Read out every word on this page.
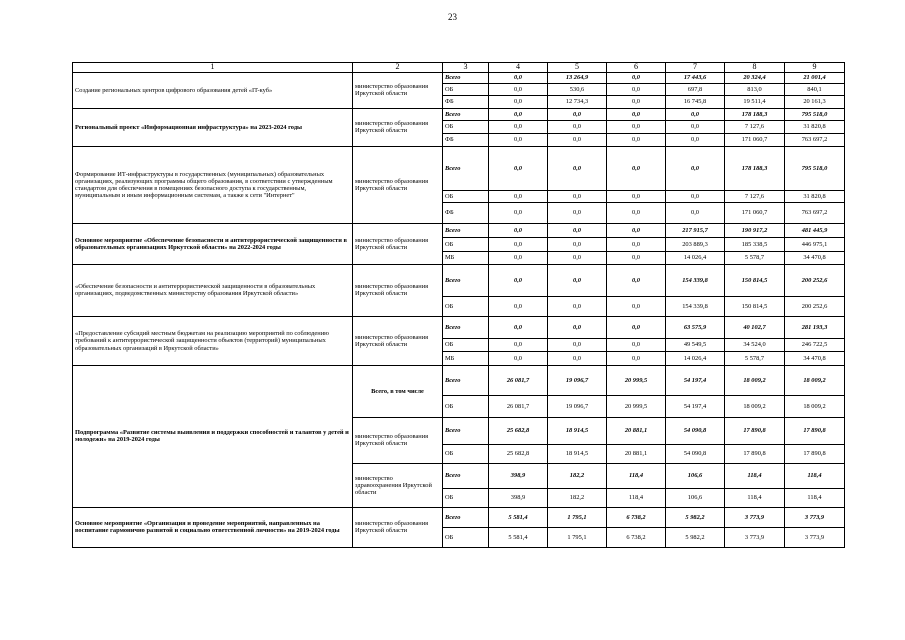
23
1	2	3	4	5	6	7	8	9
Создание региональных центров цифрового образования детей «IT-куб»	министерство образования Иркутской области	Всего	0,0	13 264,9	0,0	17 443,6	20 324,4	21 001,4
		ОБ	0,0	530,6	0,0	697,8	813,0	840,1
		ФБ	0,0	12 734,3	0,0	16 745,8	19 511,4	20 161,3
Региональный проект «Информационная инфраструктура» на 2023-2024 годы	министерство образования Иркутской области	Всего	0,0	0,0	0,0	0,0	178 188,3	795 518,0
		ОБ	0,0	0,0	0,0	0,0	7 127,6	31 820,8
		ФБ	0,0	0,0	0,0	0,0	171 060,7	763 697,2
Формирование ИТ-инфраструктуры в государственных (муниципальных) образовательных организациях, реализующих программы общего образования, в соответствии с утвержденным стандартом для обеспечения в помещениях безопасного доступа к государственным, муниципальным и иным информационным системам, а также к сети "Интернет"	министерство образования Иркутской области	Всего	0,0	0,0	0,0	0,0	178 188,3	795 518,0
		ОБ	0,0	0,0	0,0	0,0	7 127,6	31 820,8
		ФБ	0,0	0,0	0,0	0,0	171 060,7	763 697,2
Основное мероприятие «Обеспечение безопасности и антитеррористической защищенности в образовательных организациях Иркутской области» на 2022-2024 годы	министерство образования Иркутской области	Всего	0,0	0,0	0,0	217 915,7	190 917,2	481 445,9
		ОБ	0,0	0,0	0,0	203 889,3	185 338,5	446 975,1
		МБ	0,0	0,0	0,0	14 026,4	5 578,7	34 470,8
«Обеспечение безопасности и антитеррористической защищенности в образовательных организациях, подведомственных министерству образования Иркутской области»	министерство образования Иркутской области	Всего	0,0	0,0	0,0	154 339,8	150 814,5	200 252,6
		ОБ	0,0	0,0	0,0	154 339,8	150 814,5	200 252,6
«Предоставление субсидий местным бюджетам на реализацию мероприятий по соблюдению требований к антитеррористической защищенности объектов (территорий) муниципальных образовательных организаций в Иркутской области»	министерство образования Иркутской области	Всего	0,0	0,0	0,0	63 575,9	40 102,7	281 193,3
		ОБ	0,0	0,0	0,0	49 549,5	34 524,0	246 722,5
		МБ	0,0	0,0	0,0	14 026,4	5 578,7	34 470,8
Подпрограмма «Развитие системы выявления и поддержки способностей и талантов у детей и молодежи» на 2019-2024 годы	Всего, в том числе	Всего	26 081,7	19 096,7	20 999,5	54 197,4	18 009,2	18 009,2
		ОБ	26 081,7	19 096,7	20 999,5	54 197,4	18 009,2	18 009,2
	министерство образования Иркутской области	Всего	25 682,8	18 914,5	20 881,1	54 090,8	17 890,8	17 890,8
		ОБ	25 682,8	18 914,5	20 881,1	54 090,8	17 890,8	17 890,8
	министерство здравоохранения Иркутской области	Всего	398,9	182,2	118,4	106,6	118,4	118,4
		ОБ	398,9	182,2	118,4	106,6	118,4	118,4
Основное мероприятие «Организация и проведение мероприятий, направленных на воспитание гармонично развитой и социально ответственной личности» на 2019-2024 годы	министерство образования Иркутской области	Всего	5 581,4	1 795,1	6 738,2	5 982,2	3 773,9	3 773,9
		ОБ	5 581,4	1 795,1	6 738,2	5 982,2	3 773,9	3 773,9
